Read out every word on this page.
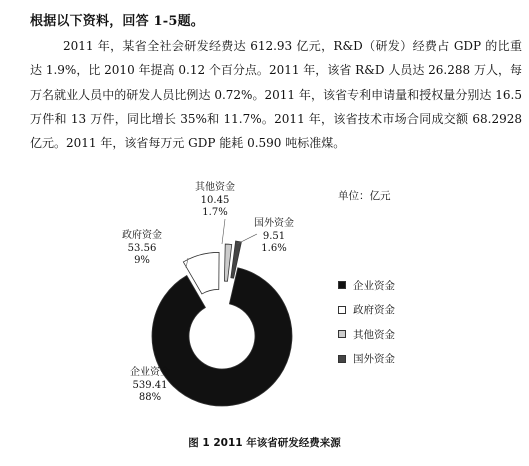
根据以下资料，回答 1-5题。

2011 年，某省全社会研发经费达 612.93 亿元，R&D（研发）经费占 GDP 的比重达 1.9%，比 2010 年提高 0.12 个百分点。2011 年，该省 R&D 人员达 26.288 万人，每万名就业人员中的研发人员比例达 0.72%。2011 年，该省专利申请量和授权量分别达 16.5 万件和 13 万件，同比增长 35%和 11.7%。2011 年，该省技术市场合同成交额 68.2928 亿元。2011 年，该省每万元 GDP 能耗 0.590 吨标准煤。

单位：亿元
其他资金
10.45
1.7%
国外资金
9.51
1.6%
政府资金
53.56
9%
企业资金
539.41
88%
企业资金
政府资金
其他资金
国外资金
图 1 2011 年该省研发经费来源
